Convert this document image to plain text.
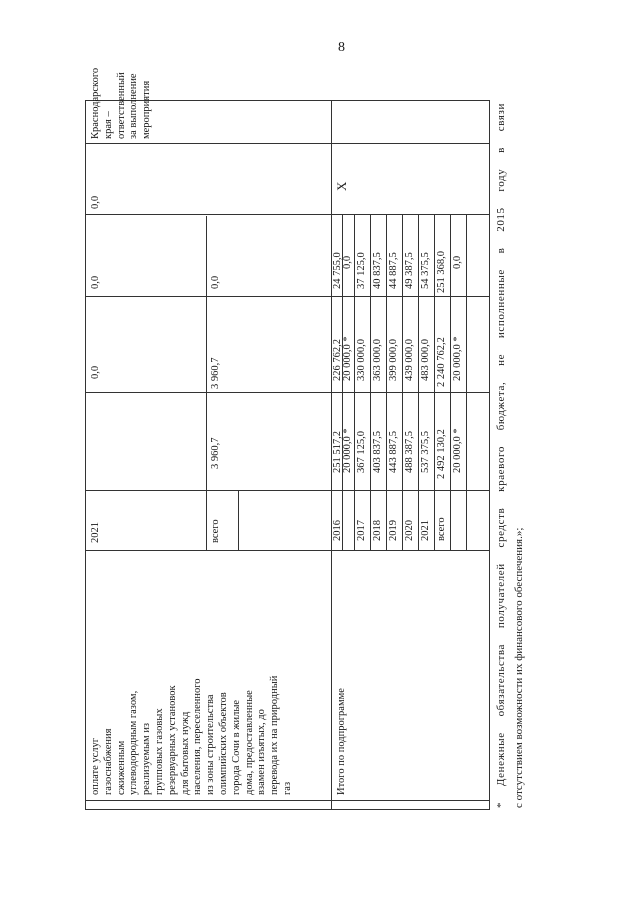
8
оплате услуг газоснабжения сжиженным углеводородным газом, реализуемым из групповых газовых резервуарных установок для бытовых нужд населения, переселенного из зоны строительства олимпийских объектов города Сочи в жилые дома, предоставленные взамен изъятых, до перевода их на природный газ
2021
0,0
0,0
0,0
всего
3 960,7
3 960,7
0,0
Краснодарского края – ответственный за выполнение мероприятия
Итого по подпрограмме
X
2016
251 517,2
226 762,2
24 755,0
20 000,0 *
20 000,0 *
0,0
2017
367 125,0
330 000,0
37 125,0
2018
403 837,5
363 000,0
40 837,5
2019
443 887,5
399 000,0
44 887,5
2020
488 387,5
439 000,0
49 387,5
2021
537 375,5
483 000,0
54 375,5
всего
2 492 130,2
2 240 762,2
251 368,0
20 000,0 *
20 000,0 *
0,0	* Денежные обязательства получателей средств краевого бюджета, не исполненные в 2015 году в связи с отсутствием возможности их финансового обеспечения.»;
